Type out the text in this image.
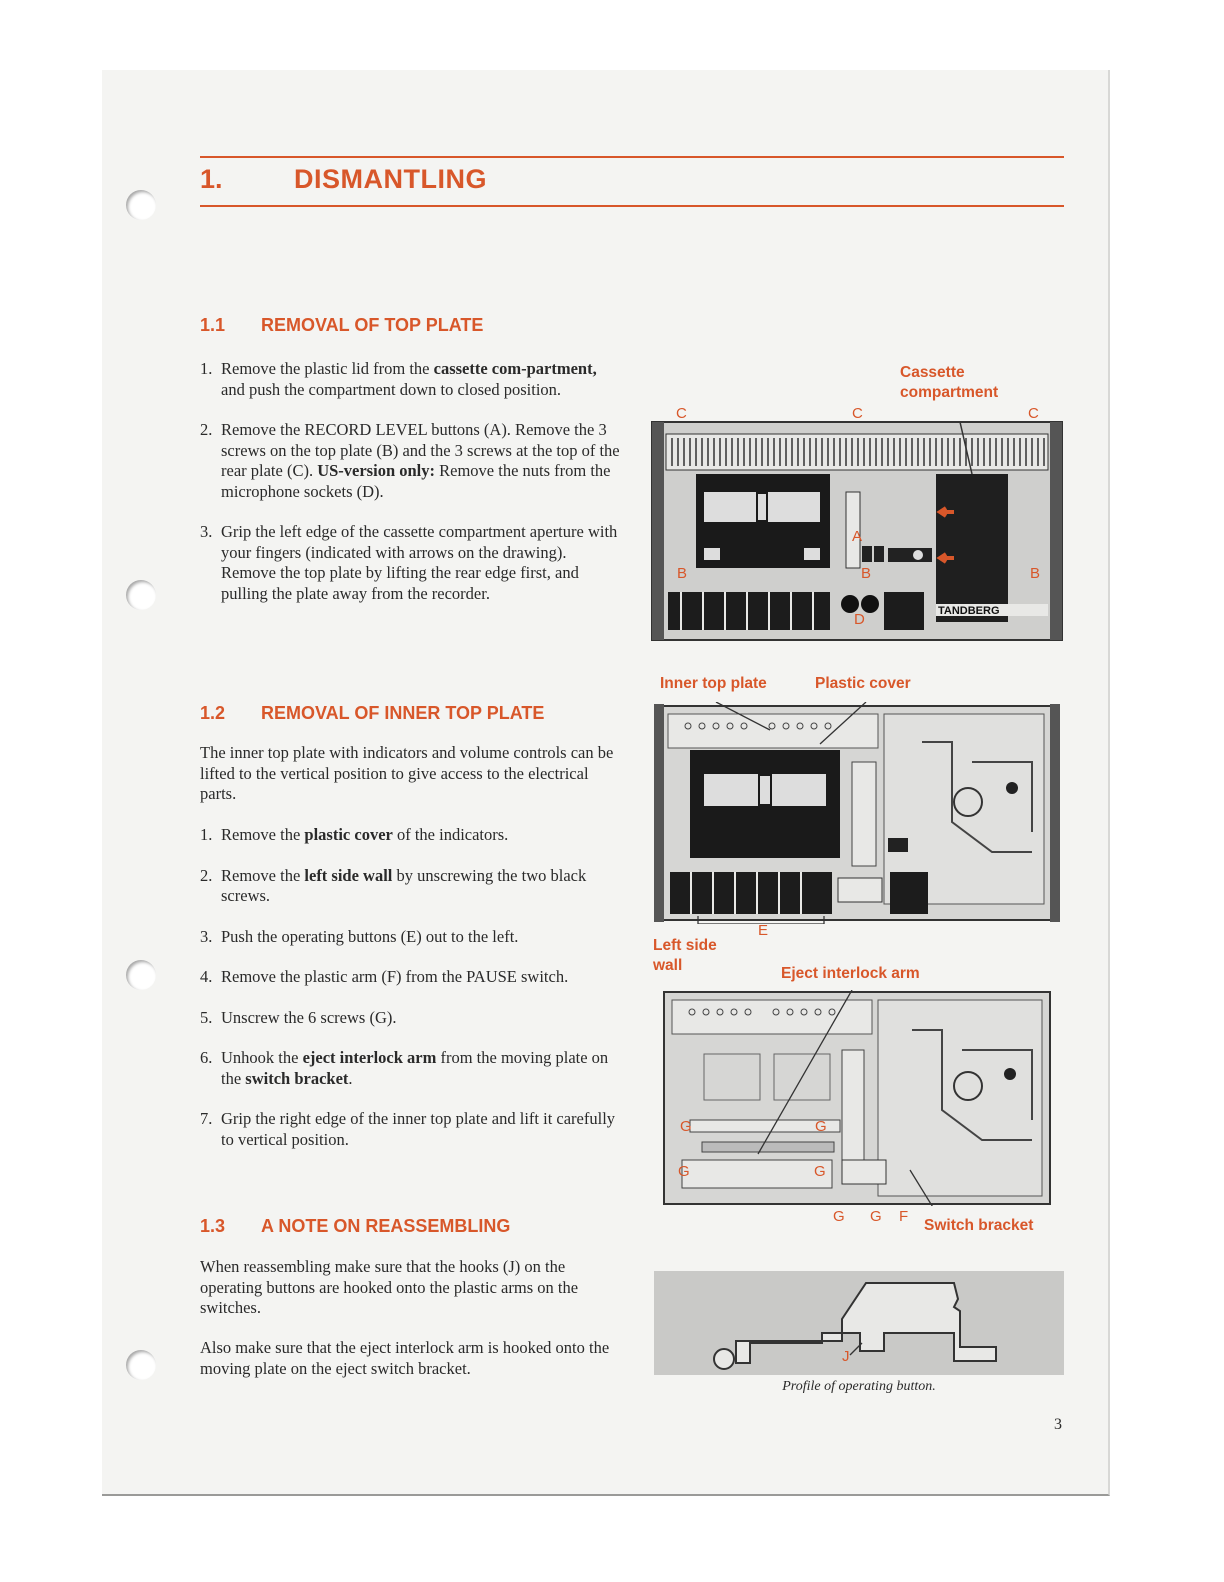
1.	DISMANTLING
1.1 REMOVAL OF TOP PLATE
1. Remove the plastic lid from the cassette com-partment, and push the compartment down to closed position.
2. Remove the RECORD LEVEL buttons (A). Remove the 3 screws on the top plate (B) and the 3 screws at the top of the rear plate (C). US-version only: Remove the nuts from the microphone sockets (D).
3. Grip the left edge of the cassette compartment aperture with your fingers (indicated with arrows on the drawing). Remove the top plate by lifting the rear edge first, and pulling the plate away from the recorder.
1.2 REMOVAL OF INNER TOP PLATE

The inner top plate with indicators and volume controls can be lifted to the vertical position to give access to the electrical parts.

1. Remove the plastic cover of the indicators.
2. Remove the left side wall by unscrewing the two black screws.
3. Push the operating buttons (E) out to the left.
4. Remove the plastic arm (F) from the PAUSE switch.
5. Unscrew the 6 screws (G).
6. Unhook the eject interlock arm from the moving plate on the switch bracket.
7. Grip the right edge of the inner top plate and lift it carefully to vertical position.
1.3 A NOTE ON REASSEMBLING

When reassembling make sure that the hooks (J) on the operating buttons are hooked onto the plastic arms on the switches.

Also make sure that the eject interlock arm is hooked onto the moving plate on the eject switch bracket.

Cassette compartment
C	C	C
TANDBERG
A
B	B	B
D
Inner top plate	Plastic cover
E
Left side wall	Eject interlock arm
G	G
G	G
G G F
Switch bracket
J
Profile of operating button.
3
